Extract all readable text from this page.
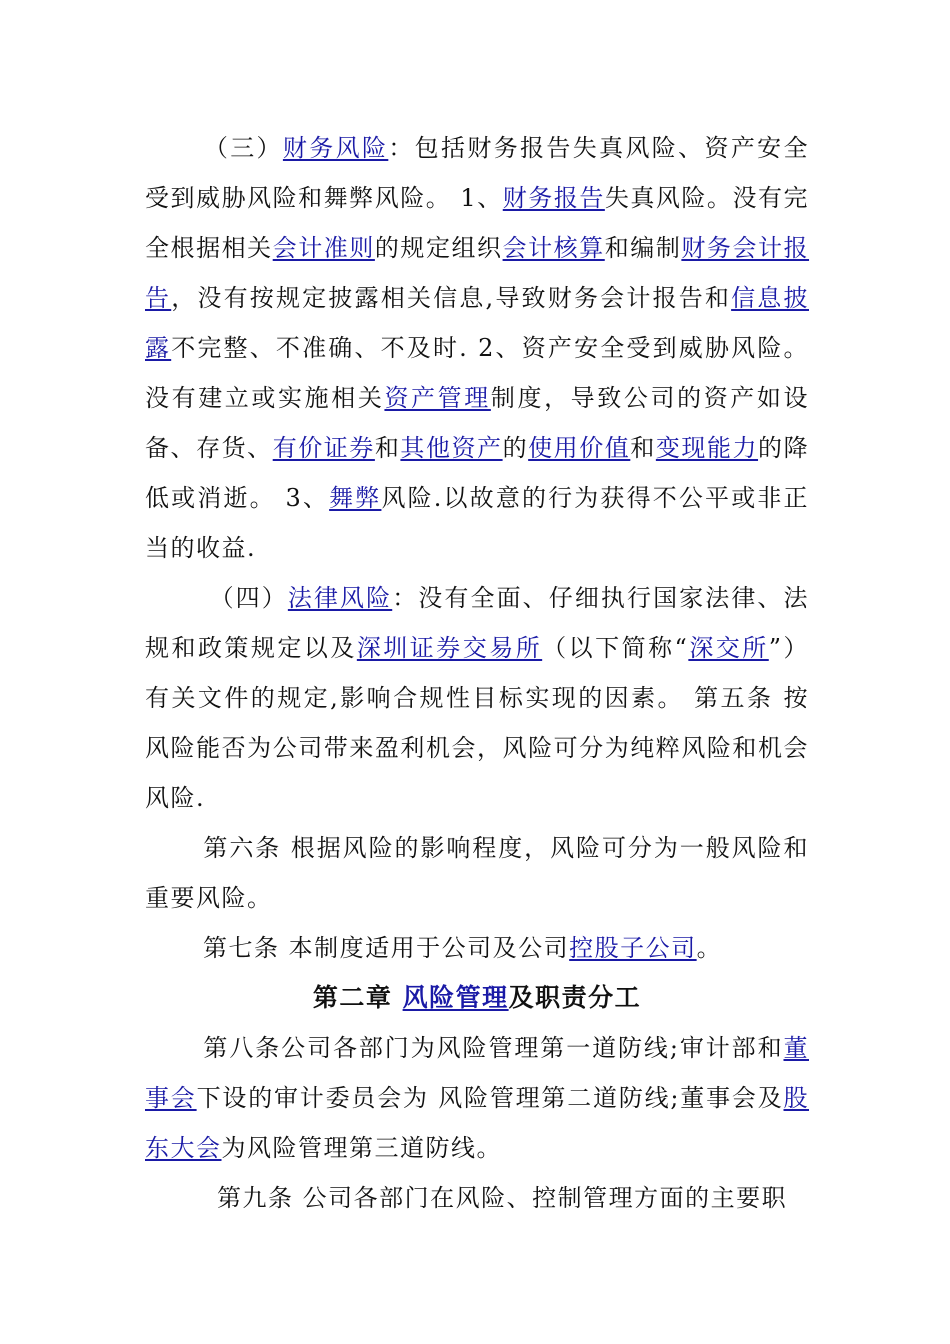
（三）财务风险：包括财务报告失真风险、资产安全受到威胁风险和舞弊风险。 1、财务报告失真风险。没有完全根据相关会计准则的规定组织会计核算和编制财务会计报告，没有按规定披露相关信息,导致财务会计报告和信息披露不完整、不准确、不及时. 2、资产安全受到威胁风险。没有建立或实施相关资产管理制度，导致公司的资产如设备、存货、有价证券和其他资产的使用价值和变现能力的降低或消逝。 3、舞弊风险.以故意的行为获得不公平或非正当的收益.

（四）法律风险：没有全面、仔细执行国家法律、法规和政策规定以及深圳证券交易所（以下简称“深交所”）有关文件的规定,影响合规性目标实现的因素。 第五条 按风险能否为公司带来盈利机会，风险可分为纯粹风险和机会风险.

第六条 根据风险的影响程度，风险可分为一般风险和重要风险。

第七条 本制度适用于公司及公司控股子公司。

第二章 风险管理及职责分工

第八条公司各部门为风险管理第一道防线;审计部和董事会下设的审计委员会为 风险管理第二道防线;董事会及股东大会为风险管理第三道防线。

第九条 公司各部门在风险、控制管理方面的主要职
